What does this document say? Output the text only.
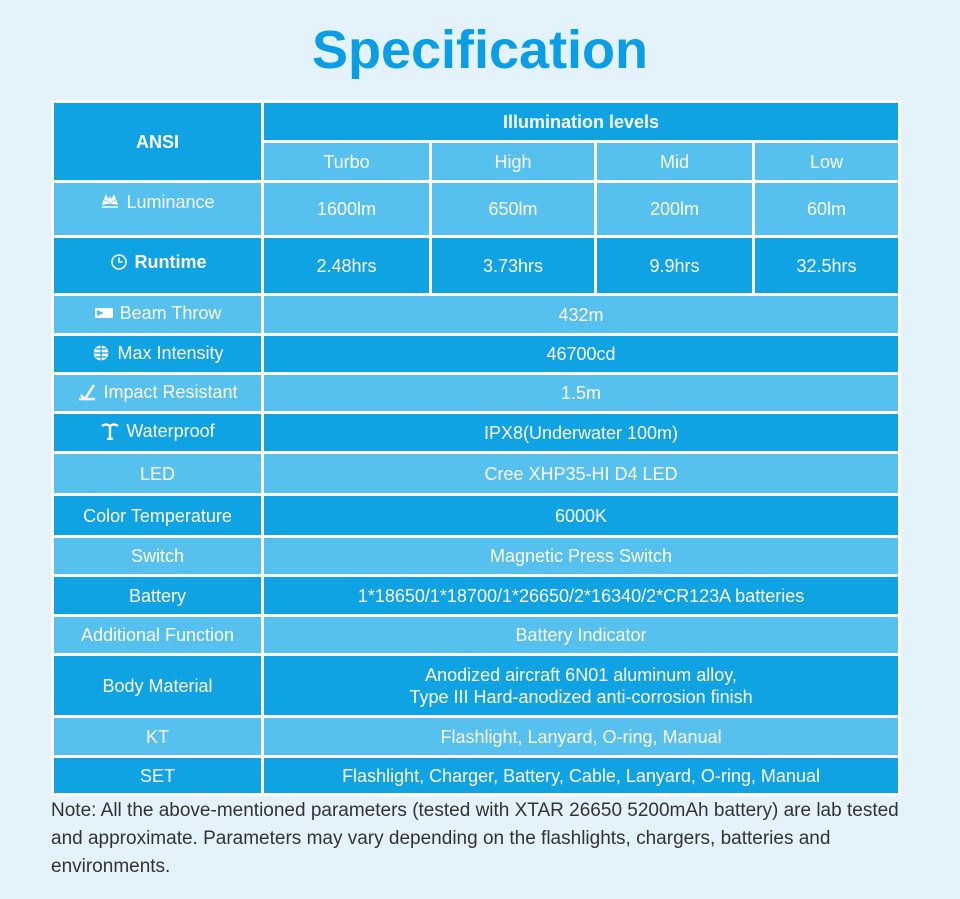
Specification
ANSI	Illumination levels			
	Turbo	High	Mid	Low

Luminance	1600lm	650lm	200lm	60lm

Runtime	2.48hrs	3.73hrs	9.9hrs	32.5hrs

Beam Throw	432m			

Max Intensity	46700cd			

Impact Resistant	1.5m			

Waterproof	IPX8(Underwater 100m)			
LED	Cree XHP35-HI D4 LED			
Color Temperature	6000K			
Switch	Magnetic Press Switch			
Battery	1*18650/1*18700/1*26650/2*16340/2*CR123A batteries			
Additional Function	Battery Indicator			
Body Material	Anodized aircraft 6N01 aluminum alloy,
Type III Hard-anodized anti-corrosion finish			

KT	Flashlight, Lanyard, O-ring, Manual			
SET	Flashlight, Charger, Battery, Cable, Lanyard, O-ring, Manual			
Note: All the above-mentioned parameters (tested with XTAR 26650 5200mAh battery) are lab tested and approximate. Parameters may vary depending on the flashlights, chargers, batteries and environments.
